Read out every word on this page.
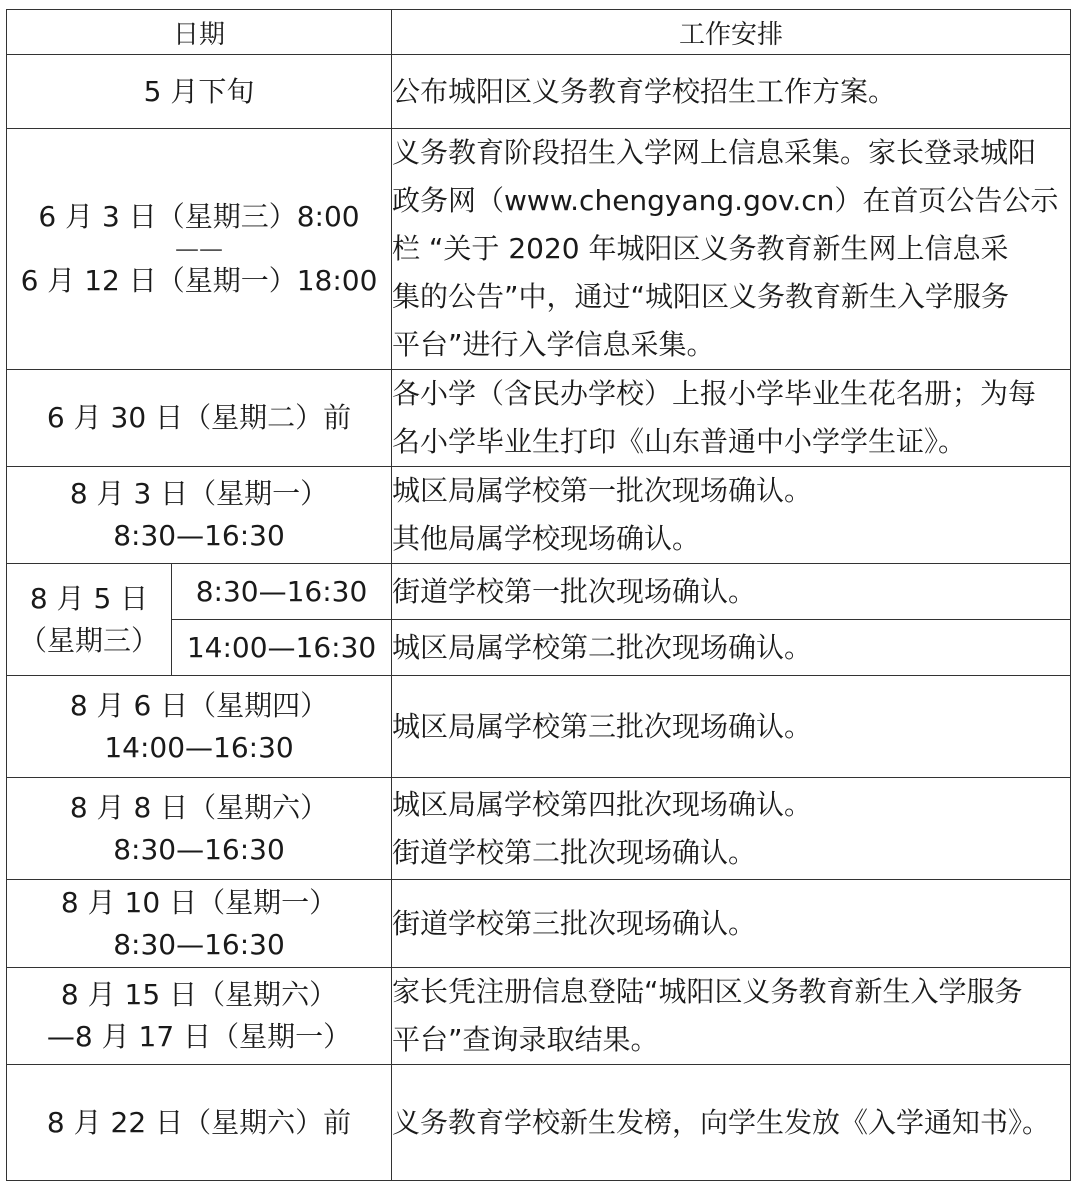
日期		工作安排

5 月下旬		公布城阳区义务教育学校招生工作方案。

6 月 3 日（星期三）8:00
——
6 月 12 日（星期一）18:00		义务教育阶段招生入学网上信息采集。家长登录城阳
政务网（www.chengyang.gov.cn）在首页公告公示
栏 “关于 2020 年城阳区义务教育新生网上信息采
集的公告”中，通过“城阳区义务教育新生入学服务
平台”进行入学信息采集。

6 月 30 日（星期二）前		各小学（含民办学校）上报小学毕业生花名册；为每
名小学毕业生打印《山东普通中小学学生证》。

8 月 3 日（星期一）
8:30—16:30		城区局属学校第一批次现场确认。
其他局属学校现场确认。

8 月 5 日
（星期三）	8:30—16:30	街道学校第一批次现场确认。

	14:00—16:30	城区局属学校第二批次现场确认。

8 月 6 日（星期四）
14:00—16:30		城区局属学校第三批次现场确认。

8 月 8 日（星期六）
8:30—16:30		城区局属学校第四批次现场确认。
街道学校第二批次现场确认。

8 月 10 日（星期一）
8:30—16:30		街道学校第三批次现场确认。

8 月 15 日（星期六）
—8 月 17 日（星期一）		家长凭注册信息登陆“城阳区义务教育新生入学服务
平台”查询录取结果。

8 月 22 日（星期六）前		义务教育学校新生发榜，向学生发放《入学通知书》。
